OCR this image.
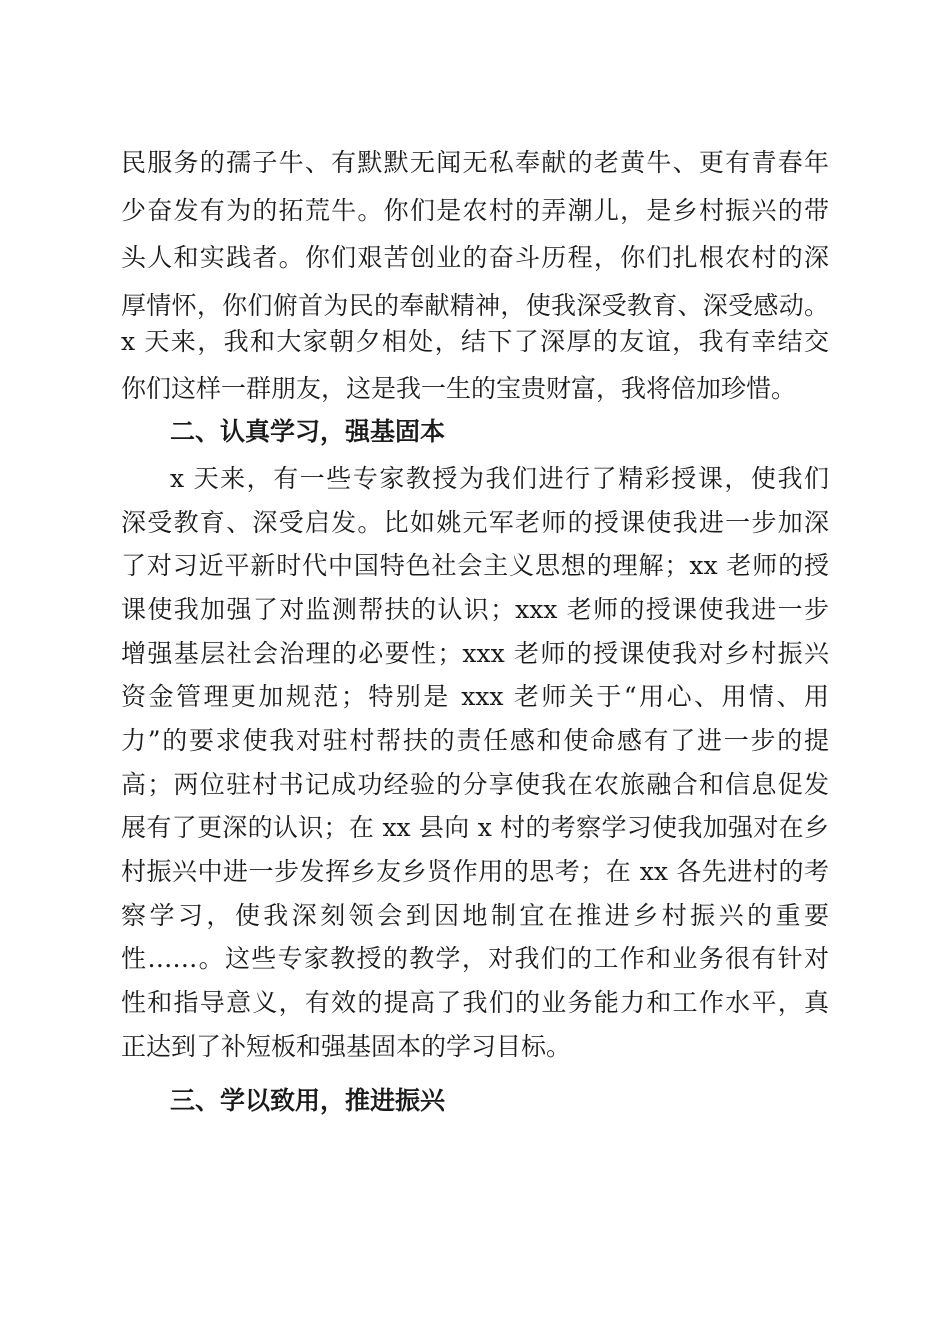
民服务的孺子牛、有默默无闻无私奉献的老黄牛、更有青春年
少奋发有为的拓荒牛。你们是农村的弄潮儿，是乡村振兴的带
头人和实践者。你们艰苦创业的奋斗历程，你们扎根农村的深
厚情怀，你们俯首为民的奉献精神，使我深受教育、深受感动。
x 天来，我和大家朝夕相处，结下了深厚的友谊，我有幸结交
你们这样一群朋友，这是我一生的宝贵财富，我将倍加珍惜。
二、认真学习，强基固本
x 天来，有一些专家教授为我们进行了精彩授课，使我们
深受教育、深受启发。比如姚元军老师的授课使我进一步加深
了对习近平新时代中国特色社会主义思想的理解；xx 老师的授
课使我加强了对监测帮扶的认识；xxx 老师的授课使我进一步
增强基层社会治理的必要性；xxx 老师的授课使我对乡村振兴
资金管理更加规范；特别是 xxx 老师关于“用心、用情、用
力”的要求使我对驻村帮扶的责任感和使命感有了进一步的提
高；两位驻村书记成功经验的分享使我在农旅融合和信息促发
展有了更深的认识；在 xx 县向 x 村的考察学习使我加强对在乡
村振兴中进一步发挥乡友乡贤作用的思考；在 xx 各先进村的考
察学习，使我深刻领会到因地制宜在推进乡村振兴的重要
性……。这些专家教授的教学，对我们的工作和业务很有针对
性和指导意义，有效的提高了我们的业务能力和工作水平，真
正达到了补短板和强基固本的学习目标。
三、学以致用，推进振兴
